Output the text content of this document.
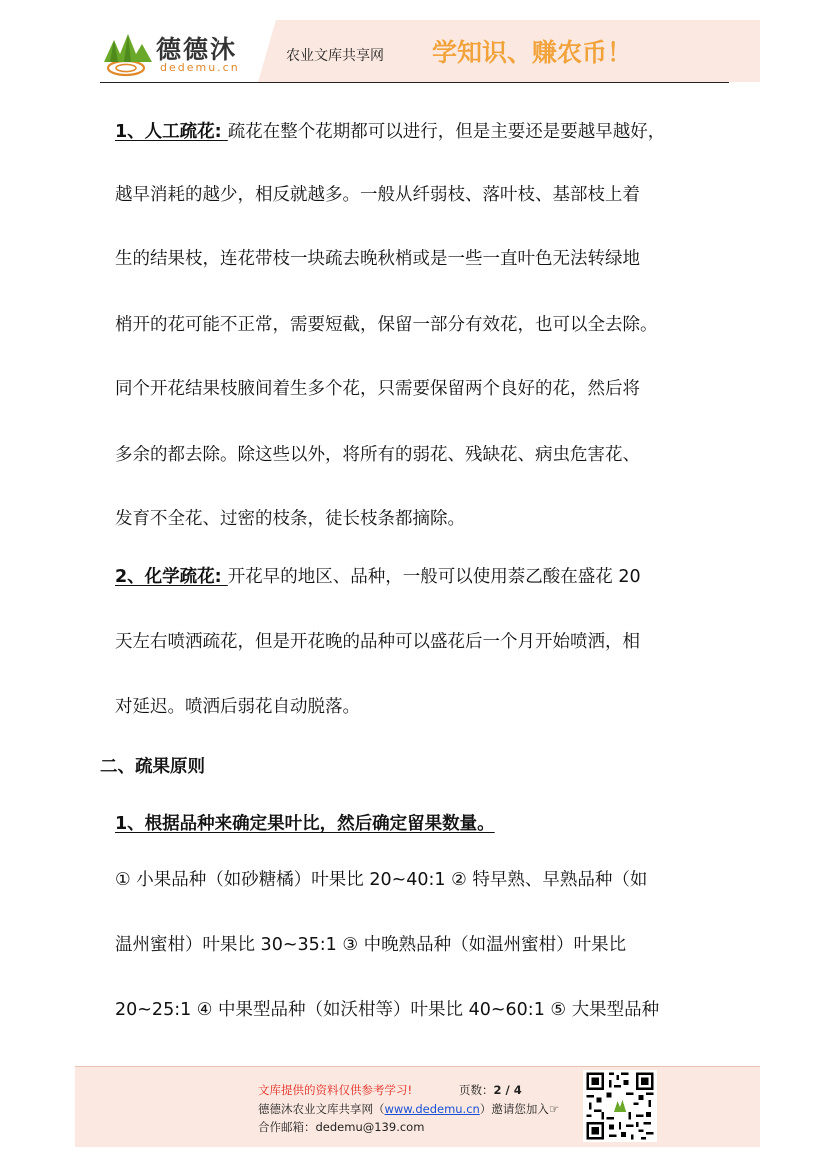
德德沐
dedemu.cn
农业文库共享网 学知识、赚农币！
1、人工疏花: 疏花在整个花期都可以进行，但是主要还是要越早越好，
越早消耗的越少，相反就越多。一般从纤弱枝、落叶枝、基部枝上着
生的结果枝，连花带枝一块疏去晚秋梢或是一些一直叶色无法转绿地
梢开的花可能不正常，需要短截，保留一部分有效花，也可以全去除。
同个开花结果枝腋间着生多个花，只需要保留两个良好的花，然后将
多余的都去除。除这些以外，将所有的弱花、残缺花、病虫危害花、
发育不全花、过密的枝条，徒长枝条都摘除。
2、化学疏花: 开花早的地区、品种，一般可以使用萘乙酸在盛花 20
天左右喷洒疏花，但是开花晚的品种可以盛花后一个月开始喷洒，相
对延迟。喷洒后弱花自动脱落。
二、疏果原则
1、根据品种来确定果叶比，然后确定留果数量。
① 小果品种（如砂糖橘）叶果比 20~40:1 ② 特早熟、早熟品种（如
温州蜜柑）叶果比 30~35:1 ③ 中晚熟品种（如温州蜜柑）叶果比
20~25:1 ④ 中果型品种（如沃柑等）叶果比 40~60:1 ⑤ 大果型品种
文库提供的资料仅供参考学习!	页数：2 / 4
德德沐农业文库共享网（www.dedemu.cn）邀请您加入☞
合作邮箱：dedemu@139.com
